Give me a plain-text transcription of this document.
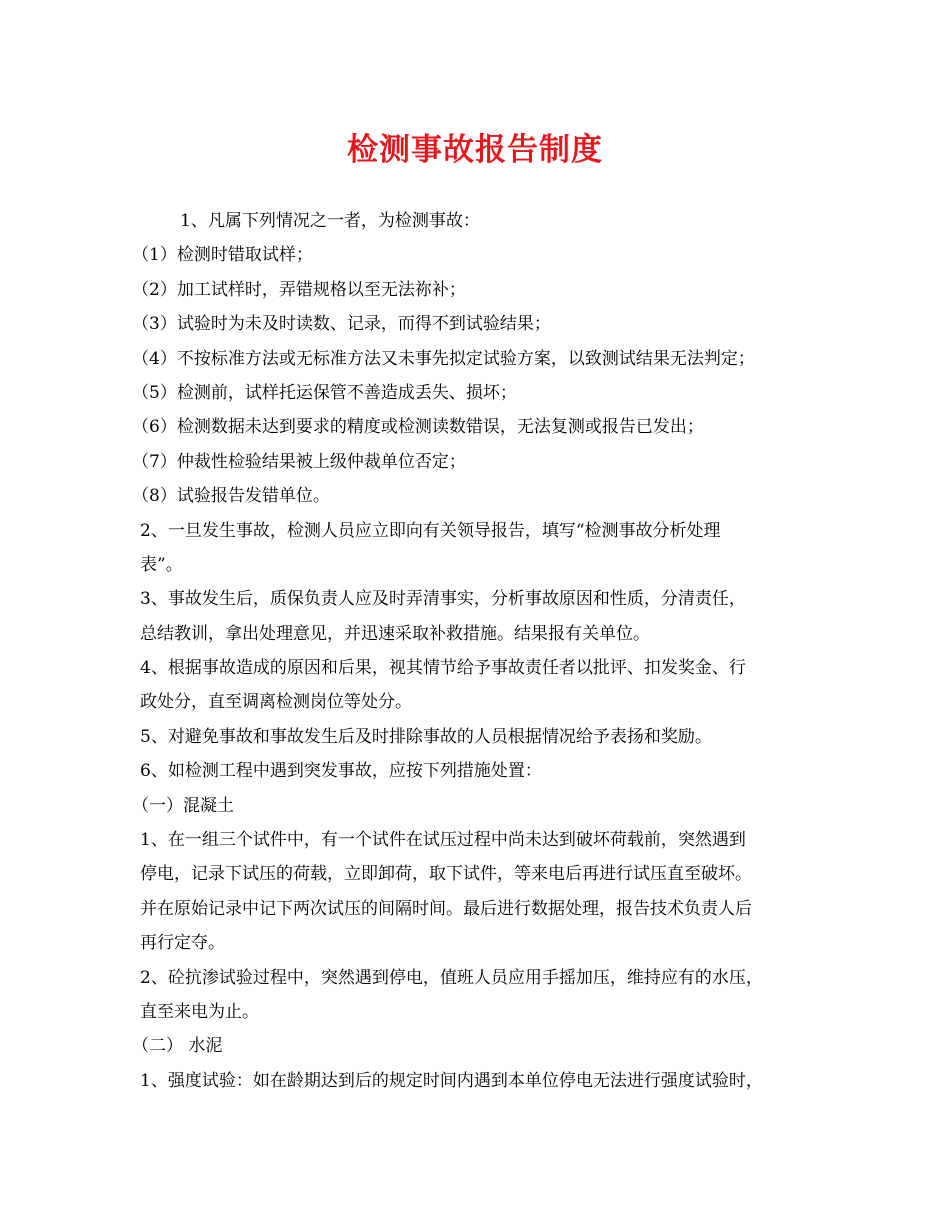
检测事故报告制度
1、凡属下列情况之一者，为检测事故：
（1）检测时错取试样；
（2）加工试样时，弄错规格以至无法祢补；
（3）试验时为未及时读数、记录，而得不到试验结果；
（4）不按标准方法或无标准方法又未事先拟定试验方案，以致测试结果无法判定；
（5）检测前，试样托运保管不善造成丢失、损坏；
（6）检测数据未达到要求的精度或检测读数错误，无法复测或报告已发出；
（7）仲裁性检验结果被上级仲裁单位否定；
（8）试验报告发错单位。
2、一旦发生事故，检测人员应立即向有关领导报告，填写“检测事故分析处理
表”。
3、事故发生后，质保负责人应及时弄清事实，分析事故原因和性质，分清责任，
总结教训，拿出处理意见，并迅速采取补救措施。结果报有关单位。
4、根据事故造成的原因和后果，视其情节给予事故责任者以批评、扣发奖金、行
政处分，直至调离检测岗位等处分。
5、对避免事故和事故发生后及时排除事故的人员根据情况给予表扬和奖励。
6、如检测工程中遇到突发事故，应按下列措施处置：
（一）混凝土
1、在一组三个试件中，有一个试件在试压过程中尚未达到破坏荷载前，突然遇到
停电，记录下试压的荷载，立即卸荷，取下试件，等来电后再进行试压直至破坏。
并在原始记录中记下两次试压的间隔时间。最后进行数据处理，报告技术负责人后
再行定夺。
2、砼抗渗试验过程中，突然遇到停电，值班人员应用手摇加压，维持应有的水压，
直至来电为止。
（二） 水泥
1、强度试验：如在龄期达到后的规定时间内遇到本单位停电无法进行强度试验时，
